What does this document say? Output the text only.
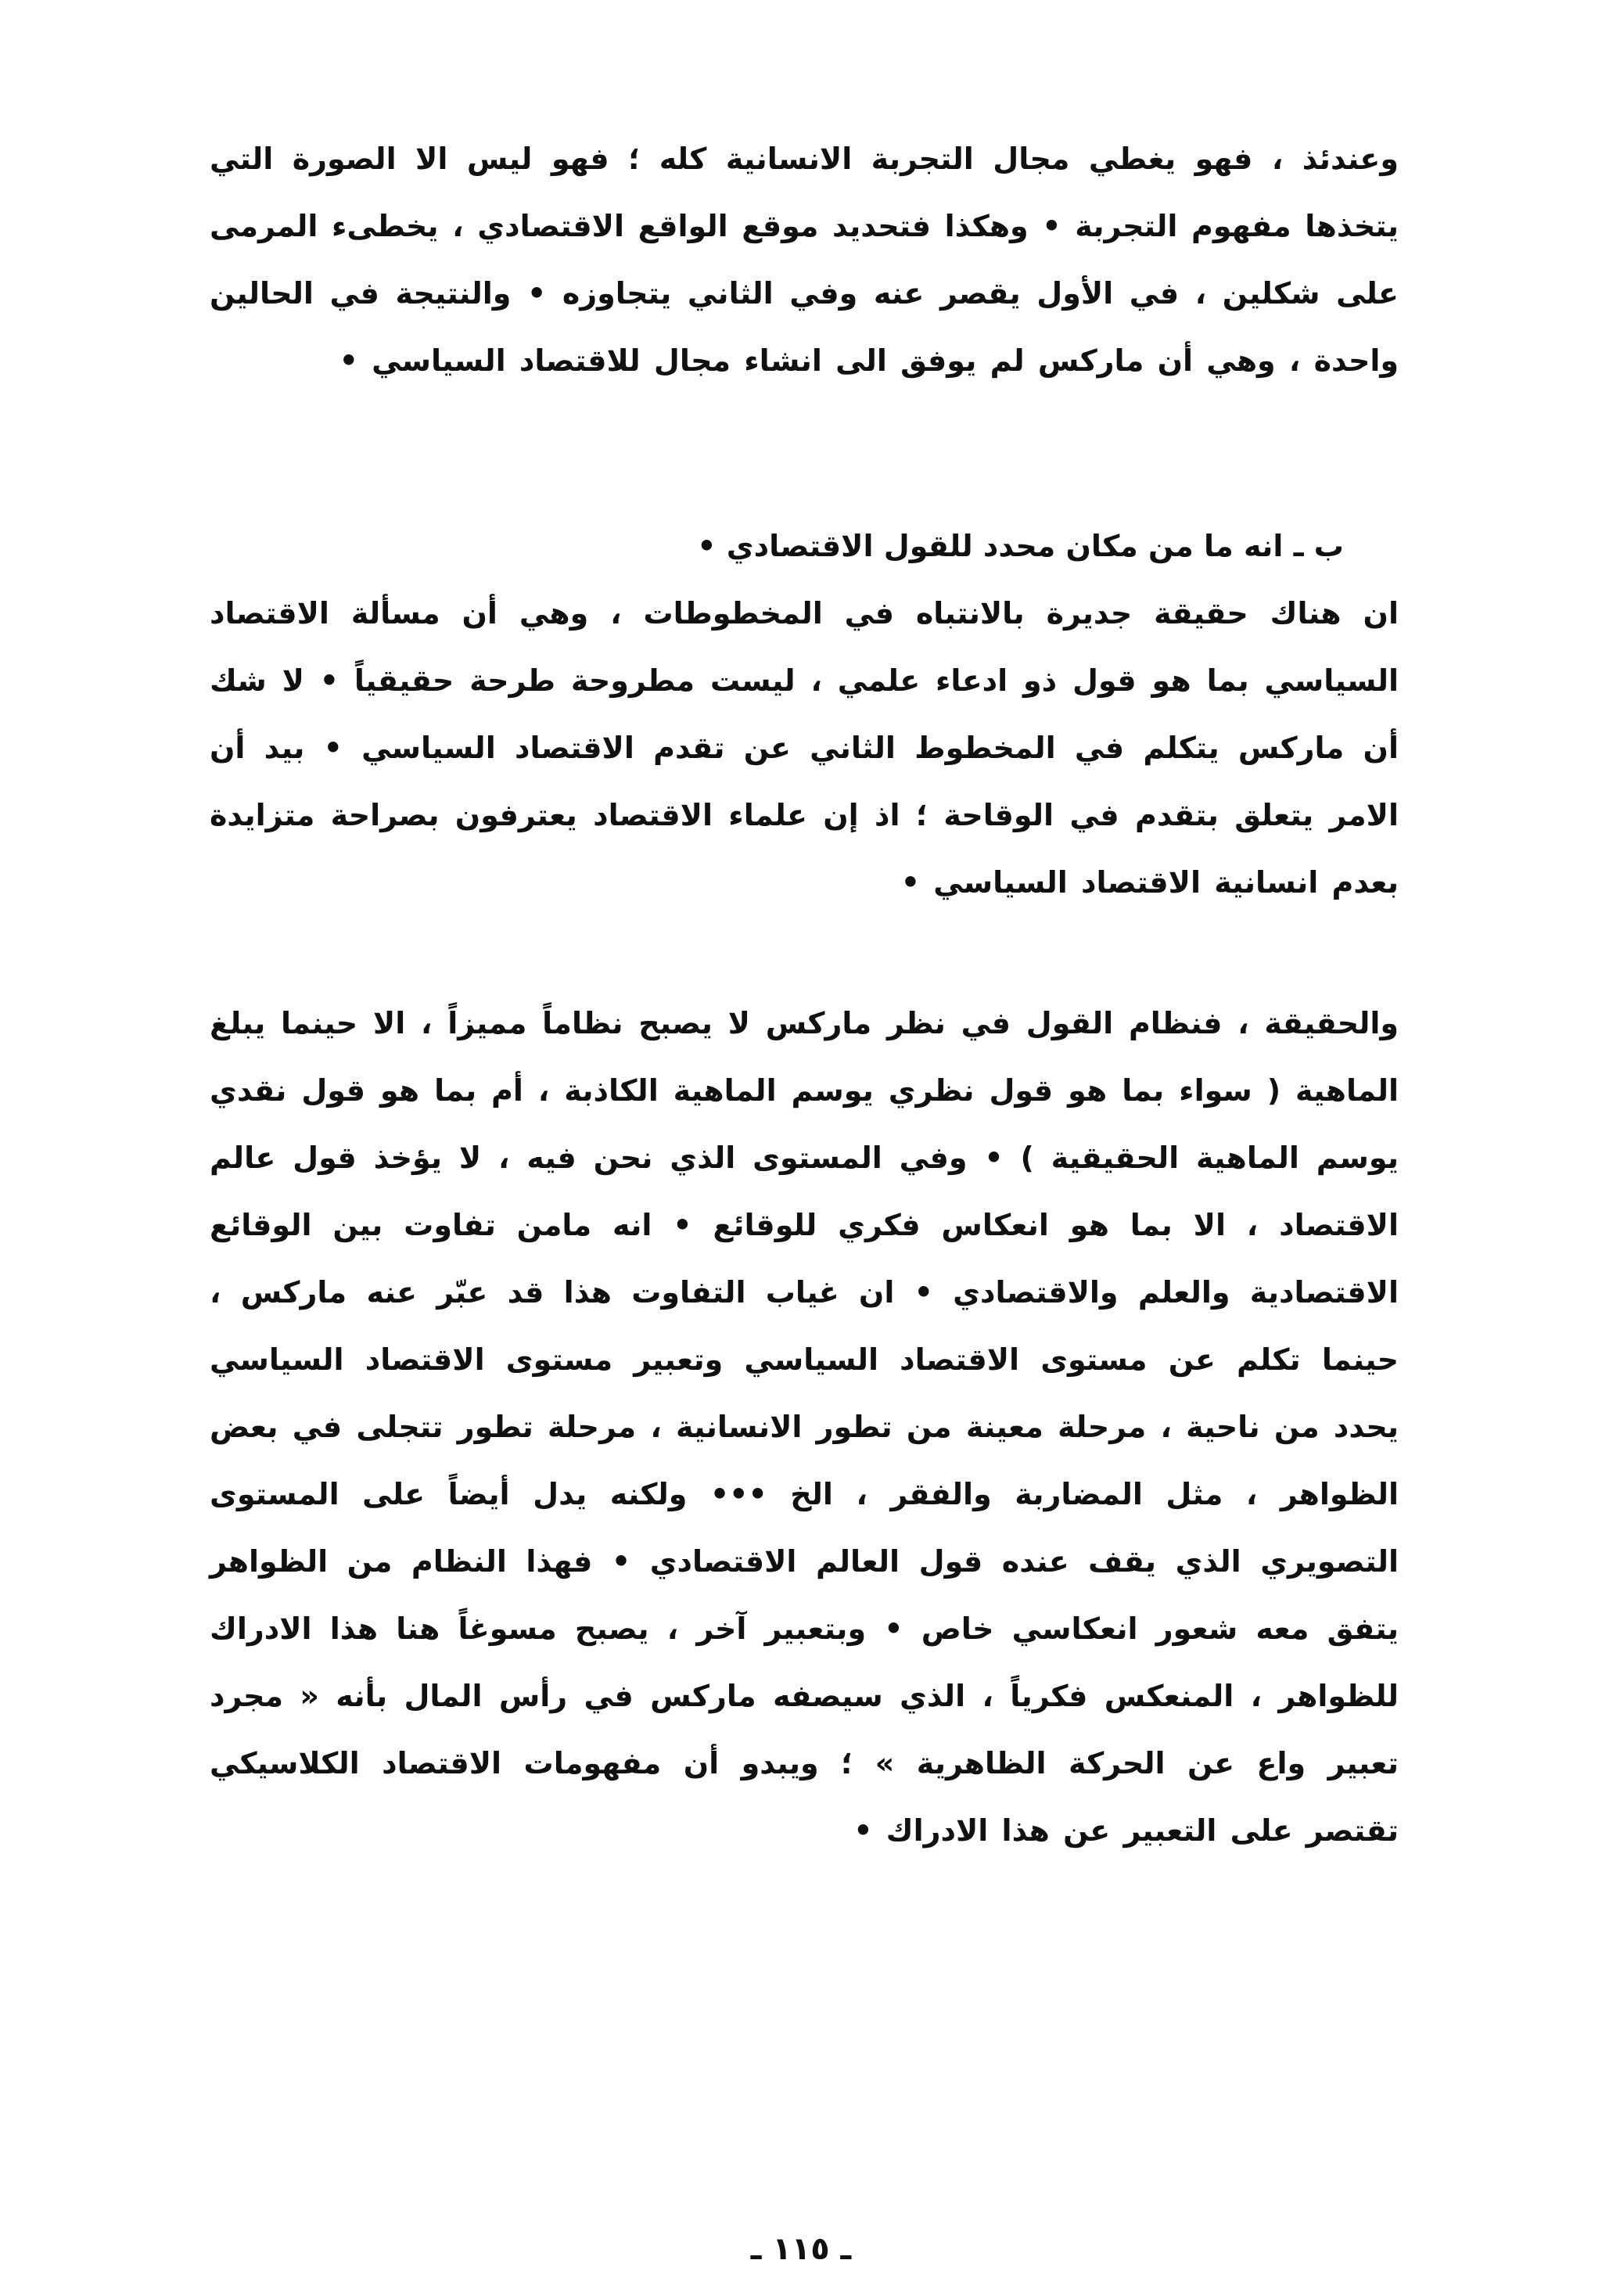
وعندئذ ، فهو يغطي مجال التجربة الانسانية كله ؛ فهو ليس الا الصورة التي يتخذها مفهوم التجربة • وهكذا فتحديد موقع الواقع الاقتصادي ، يخطىء المرمى على شكلين ، في الأول يقصر عنه وفي الثاني يتجاوزه • والنتيجة في الحالين واحدة ، وهي أن ماركس لم يوفق الى انشاء مجال للاقتصاد السياسي •

ب ـ انه ما من مكان محدد للقول الاقتصادي •

ان هناك حقيقة جديرة بالانتباه في المخطوطات ، وهي أن مسألة الاقتصاد السياسي بما هو قول ذو ادعاء علمي ، ليست مطروحة طرحة حقيقياً • لا شك أن ماركس يتكلم في المخطوط الثاني عن تقدم الاقتصاد السياسي • بيد أن الامر يتعلق بتقدم في الوقاحة ؛ اذ إن علماء الاقتصاد يعترفون بصراحة متزايدة بعدم انسانية الاقتصاد السياسي •

والحقيقة ، فنظام القول في نظر ماركس لا يصبح نظاماً مميزاً ، الا حينما يبلغ الماهية ( سواء بما هو قول نظري يوسم الماهية الكاذبة ، أم بما هو قول نقدي يوسم الماهية الحقيقية ) • وفي المستوى الذي نحن فيه ، لا يؤخذ قول عالم الاقتصاد ، الا بما هو انعكاس فكري للوقائع • انه مامن تفاوت بين الوقائع الاقتصادية والعلم والاقتصادي • ان غياب التفاوت هذا قد عبّر عنه ماركس ، حينما تكلم عن مستوى الاقتصاد السياسي وتعبير مستوى الاقتصاد السياسي يحدد من ناحية ، مرحلة معينة من تطور الانسانية ، مرحلة تطور تتجلى في بعض الظواهر ، مثل المضاربة والفقر ، الخ ••• ولكنه يدل أيضاً على المستوى التصويري الذي يقف عنده قول العالم الاقتصادي • فهذا النظام من الظواهر يتفق معه شعور انعكاسي خاص • وبتعبير آخر ، يصبح مسوغاً هنا هذا الادراك للظواهر ، المنعكس فكرياً ، الذي سيصفه ماركس في رأس المال بأنه « مجرد تعبير واع عن الحركة الظاهرية » ؛ ويبدو أن مفهومات الاقتصاد الكلاسيكي تقتصر على التعبير عن هذا الادراك •

ـ ١١٥ ـ
